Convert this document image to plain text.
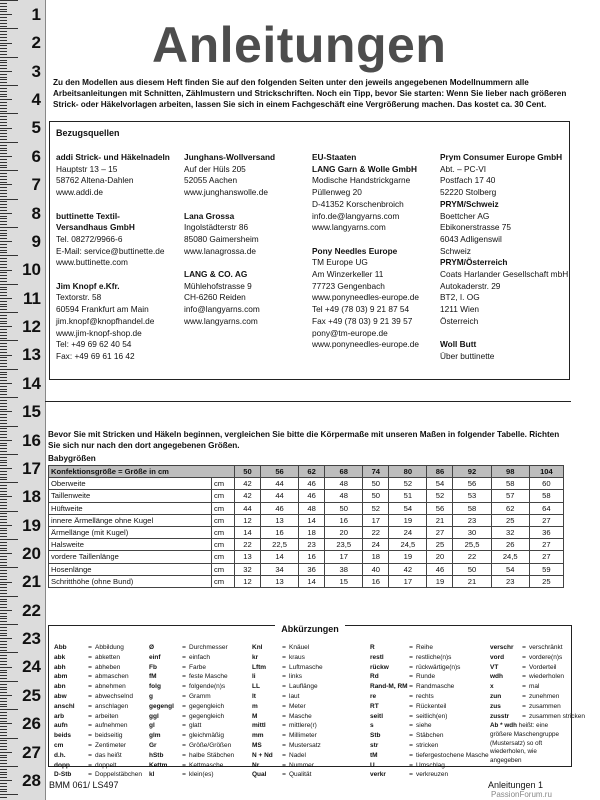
1
2
3
4
5
6
7
8
9
10
11
12
13
14
15
16
17
18
19
20
21
22
23
24
25
26
27
28
Anleitungen
Zu den Modellen aus diesem Heft finden Sie auf den folgenden Seiten unter den jeweils angegebenen Modellnummern alle Arbeitsanleitungen mit Schnitten, Zählmustern und Strickschriften. Noch ein Tipp, bevor Sie starten: Wenn Sie lieber nach größeren Strick- oder Häkelvorlagen arbeiten, lassen Sie sich in einem Fachgeschäft eine Vergrößerung machen. Das kostet ca. 30 Cent.
Bezugsquellen
addi Strick- und Häkelnadeln
Hauptstr 13 – 15
58762 Altena-Dahlen
www.addi.de
buttinette Textil-
Versandhaus GmbH
Tel. 08272/9966-6
E-Mail: service@buttinette.de
www.buttinette.com
Jim Knopf e.Kfr.
Textorstr. 58
60594 Frankfurt am Main
jim.knopf@knopfhandel.de
www.jim-knopf-shop.de
Tel: +49 69 62 40 54
Fax: +49 69 61 16 42
Junghans-Wollversand
Auf der Hüls 205
52055 Aachen
www.junghanswolle.de
Lana Grossa
Ingolstädterstr 86
85080 Gaimersheim
www.lanagrossa.de
LANG & CO. AG
Mühlehofstrasse 9
CH-6260 Reiden
info@langyarns.com
www.langyarns.com
EU-Staaten
LANG Garn & Wolle GmbH
Modische Handstrickgarne
Püllenweg 20
D-41352 Korschenbroich
info.de@langyarns.com
www.langyarns.com
Pony Needles Europe
TM Europe UG
Am Winzerkeller 11
77723 Gengenbach
www.ponyneedles-europe.de
Tel +49 (78 03) 9 21 87 54
Fax +49 (78 03) 9 21 39 57
pony@tm-europe.de
www.ponyneedles-europe.de
Prym Consumer Europe GmbH
Abt. – PC-VI
Postfach 17 40
52220 Stolberg
PRYM/Schweiz
Boettcher AG
Ebikonerstrasse 75
6043 Adligenswil
Schweiz
PRYM/Österreich
Coats Harlander Gesellschaft mbH
Autokaderstr. 29
BT2, I. OG
1211 Wien
Österreich
Woll Butt
Über buttinette
Bevor Sie mit Stricken und Häkeln beginnen, vergleichen Sie bitte die Körpermaße mit unseren Maßen in folgender Tabelle. Richten Sie sich nur nach den dort angegebenen Größen.
Babygrößen
Konfektionsgröße = Größe in cm		50	56	62	68	74	80	86	92	98	104
Oberweite	cm	42	44	46	48	50	52	54	56	58	60
Taillenweite	cm	42	44	46	48	50	51	52	53	57	58
Hüftweite	cm	44	46	48	50	52	54	56	58	62	64
innere Ärmellänge ohne Kugel	cm	12	13	14	16	17	19	21	23	25	27
Ärmellänge (mit Kugel)	cm	14	16	18	20	22	24	27	30	32	36
Halsweite	cm	22	22,5	23	23,5	24	24,5	25	25,5	26	27
vordere Taillenlänge	cm	13	14	16	17	18	19	20	22	24,5	27
Hosenlänge	cm	32	34	36	38	40	42	46	50	54	59
Schritthöhe (ohne Bund)	cm	12	13	14	15	16	17	19	21	23	25
Abkürzungen
Abb	= Abbildung
abk	= abketten
abh	= abheben
abm	= abmaschen
abn	= abnehmen
abw	= abwechselnd
anschl = anschlagen
arb	= arbeiten
aufn	= aufnehmen
beids	= beidseitig
cm	= Zentimeter
d.h.	= das heißt
dopp	= doppelt
D-Stb	= Doppelstäbchen
Ø	= Durchmesser
einf	= einfach
Fb	= Farbe
fM	= feste Masche
folg	= folgende(n)s
g	= Gramm
gegengl = gegengleich
ggl	= gegengleich
gl	= glatt
glm	= gleichmäßig
Gr	= Größe/Größen
hStb	= halbe Stäbchen
Kettm = Kettmasche
kl	= klein(es)
Knl	= Knäuel
kr	= kraus
Lftm = Luftmasche
li	= links
LL	= Lauflänge
lt	= laut
m	= Meter
M	= Masche
mittl	= mittlere(r)
mm	= Millimeter
MS	= Mustersatz
N + Nd = Nadel
Nr	= Nummer
Qual = Qualität
R	= Reihe
restl	= restliche(n)s
rückw	= rückwärtige(n)s
Rd	= Runde
Rand-M, RM = Randmasche
re	= rechts
RT	= Rückenteil
seitl	= seitlich(en)
s	= siehe
Stb	= Stäbchen
str	= stricken
tM	= tiefergestochene Masche
U	= Umschlag
verkr	= verkreuzen
verschr = verschränkt
vord	= vordere(n)s
VT	= Vorderteil
wdh	= wiederholen
x	= mal
zun	= zunehmen
zus	= zusammen
zusstr = zusammen stricken
Ab * wdh heißt: eine größere Maschengruppe (Mustersatz) so oft wiederholen, wie angegeben
BMM 061/ LS497	Anleitungen 1
PassionForum.ru
